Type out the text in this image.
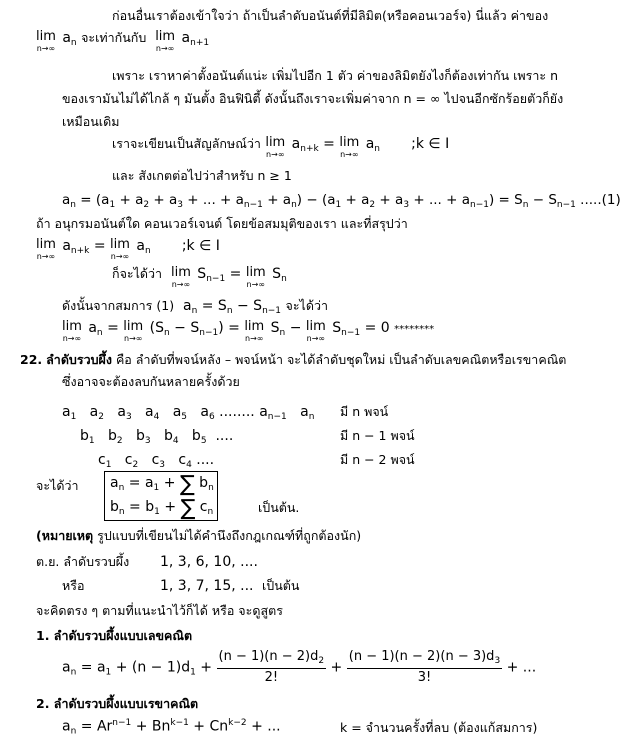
ก่อนอื่นเราต้องเข้าใจว่า ถ้าเป็นลำดับอนันต์ที่มีลิมิต(หรือคอนเวอร์จ) นี่แล้ว ค่าของ
lim
n→∞
$a_n$ จะเท่ากันกับ lim
n→∞
$a_{n+1}$
เพราะ เราหาค่าตั้งอนันต์แน่ะ เพิ่มไปอีก 1 ตัว ค่าของลิมิตยังไงก็ต้องเท่ากัน เพราะ n
ของเรามันไม่ได้ไกล้ ๆ มันตั้ง อินฟินิตี้ ดังนั้นถึงเราจะเพิ่มค่าจาก n = ∞ ไปจนอีกซักร้อยตัวก็ยัง
เหมือนเดิม
เราจะเขียนเป็นสัญลักษณ์ว่า lim
n→∞
$a_{n+k} = \lim$
n→∞
$a_n$ ;k ∈ I
และ สังเกตต่อไปว่าสำหรับ n ≥ 1
$a_n = (a_1 + a_2 + a_3$ + ... + $a_{n-1} + a_n) - (a_1 + a_2 + a_3$ + ... + $a_{n-1}) = S_n - S_{n-1}$ .....(1)
ถ้า อนุกรมอนันต์ใด คอนเวอร์เจนต์ โดยข้อสมมุติของเรา และที่สรุปว่า
lim
n→∞
$a_{n+k} = \lim$
n→∞
$a_n$ ;k ∈ I
ก็จะได้ว่า lim
n→∞
$S_{n-1} = \lim$
n→∞
$S_n$
ดังนั้นจากสมการ (1)  $a_n = S_n - S_{n-1}$ จะได้ว่า
lim
n→∞
$a_n = \lim$
n→∞
$(S_n - S_{n-1}) = \lim$
n→∞
$S_n - \lim$
n→∞
$S_{n-1} = 0$ ********
22. ลำดับรวบผึ้ง คือ ลำดับที่พจน์หลัง – พจน์หน้า จะได้ลำดับชุดใหม่ เป็นลำดับเลขคณิตหรือเรขาคณิต
ซึ่งอาจจะต้องลบกันหลายครั้งด้วย
$a_1$   $a_2$   $a_3$   $a_4$   $a_5$   $a_6$ ........ $a_{n-1}$   $a_n$ มี n พจน์
$b_1$   $b_2$   $b_3$   $b_4$   $b_5$  ....	มี n − 1 พจน์
$c_1$   $c_2$   $c_3$   $c_4$ ....	มี n − 2 พจน์
จะได้ว่า $a_n = a_1$ + ∑ $b_n$
$b_n = b_1$ + ∑ $c_n$	เป็นต้น.
(หมายเหตุ รูปแบบที่เขียนไม่ได้คำนึงถึงกฎเกณฑ์ที่ถูกต้องนัก)
ต.ย. ลำดับรวบผึ้ง 1, 3, 6, 10, ....
หรือ	1, 3, 7, 15, ... เป็นต้น
จะคิดตรง ๆ ตามที่แนะนำไว้ก็ได้ หรือ จะดูสูตร
1. ลำดับรวบผึ้งแบบเลขคณิต
$a_n = a_1 + (n - 1)d_1 + \frac{(n - 1)(n - 2)d_2}{2!} + \frac{(n - 1)(n - 2)(n - 3)d_3}{3!}$ + ...
2. ลำดับรวบผึ้งแบบเรขาคณิต
$a_n = Ar^{n-1} + Bn^{k-1} + Cn^{k-2}$ + ...	k = จำนวนครั้งที่ลบ (ต้องแก้สมการ)
